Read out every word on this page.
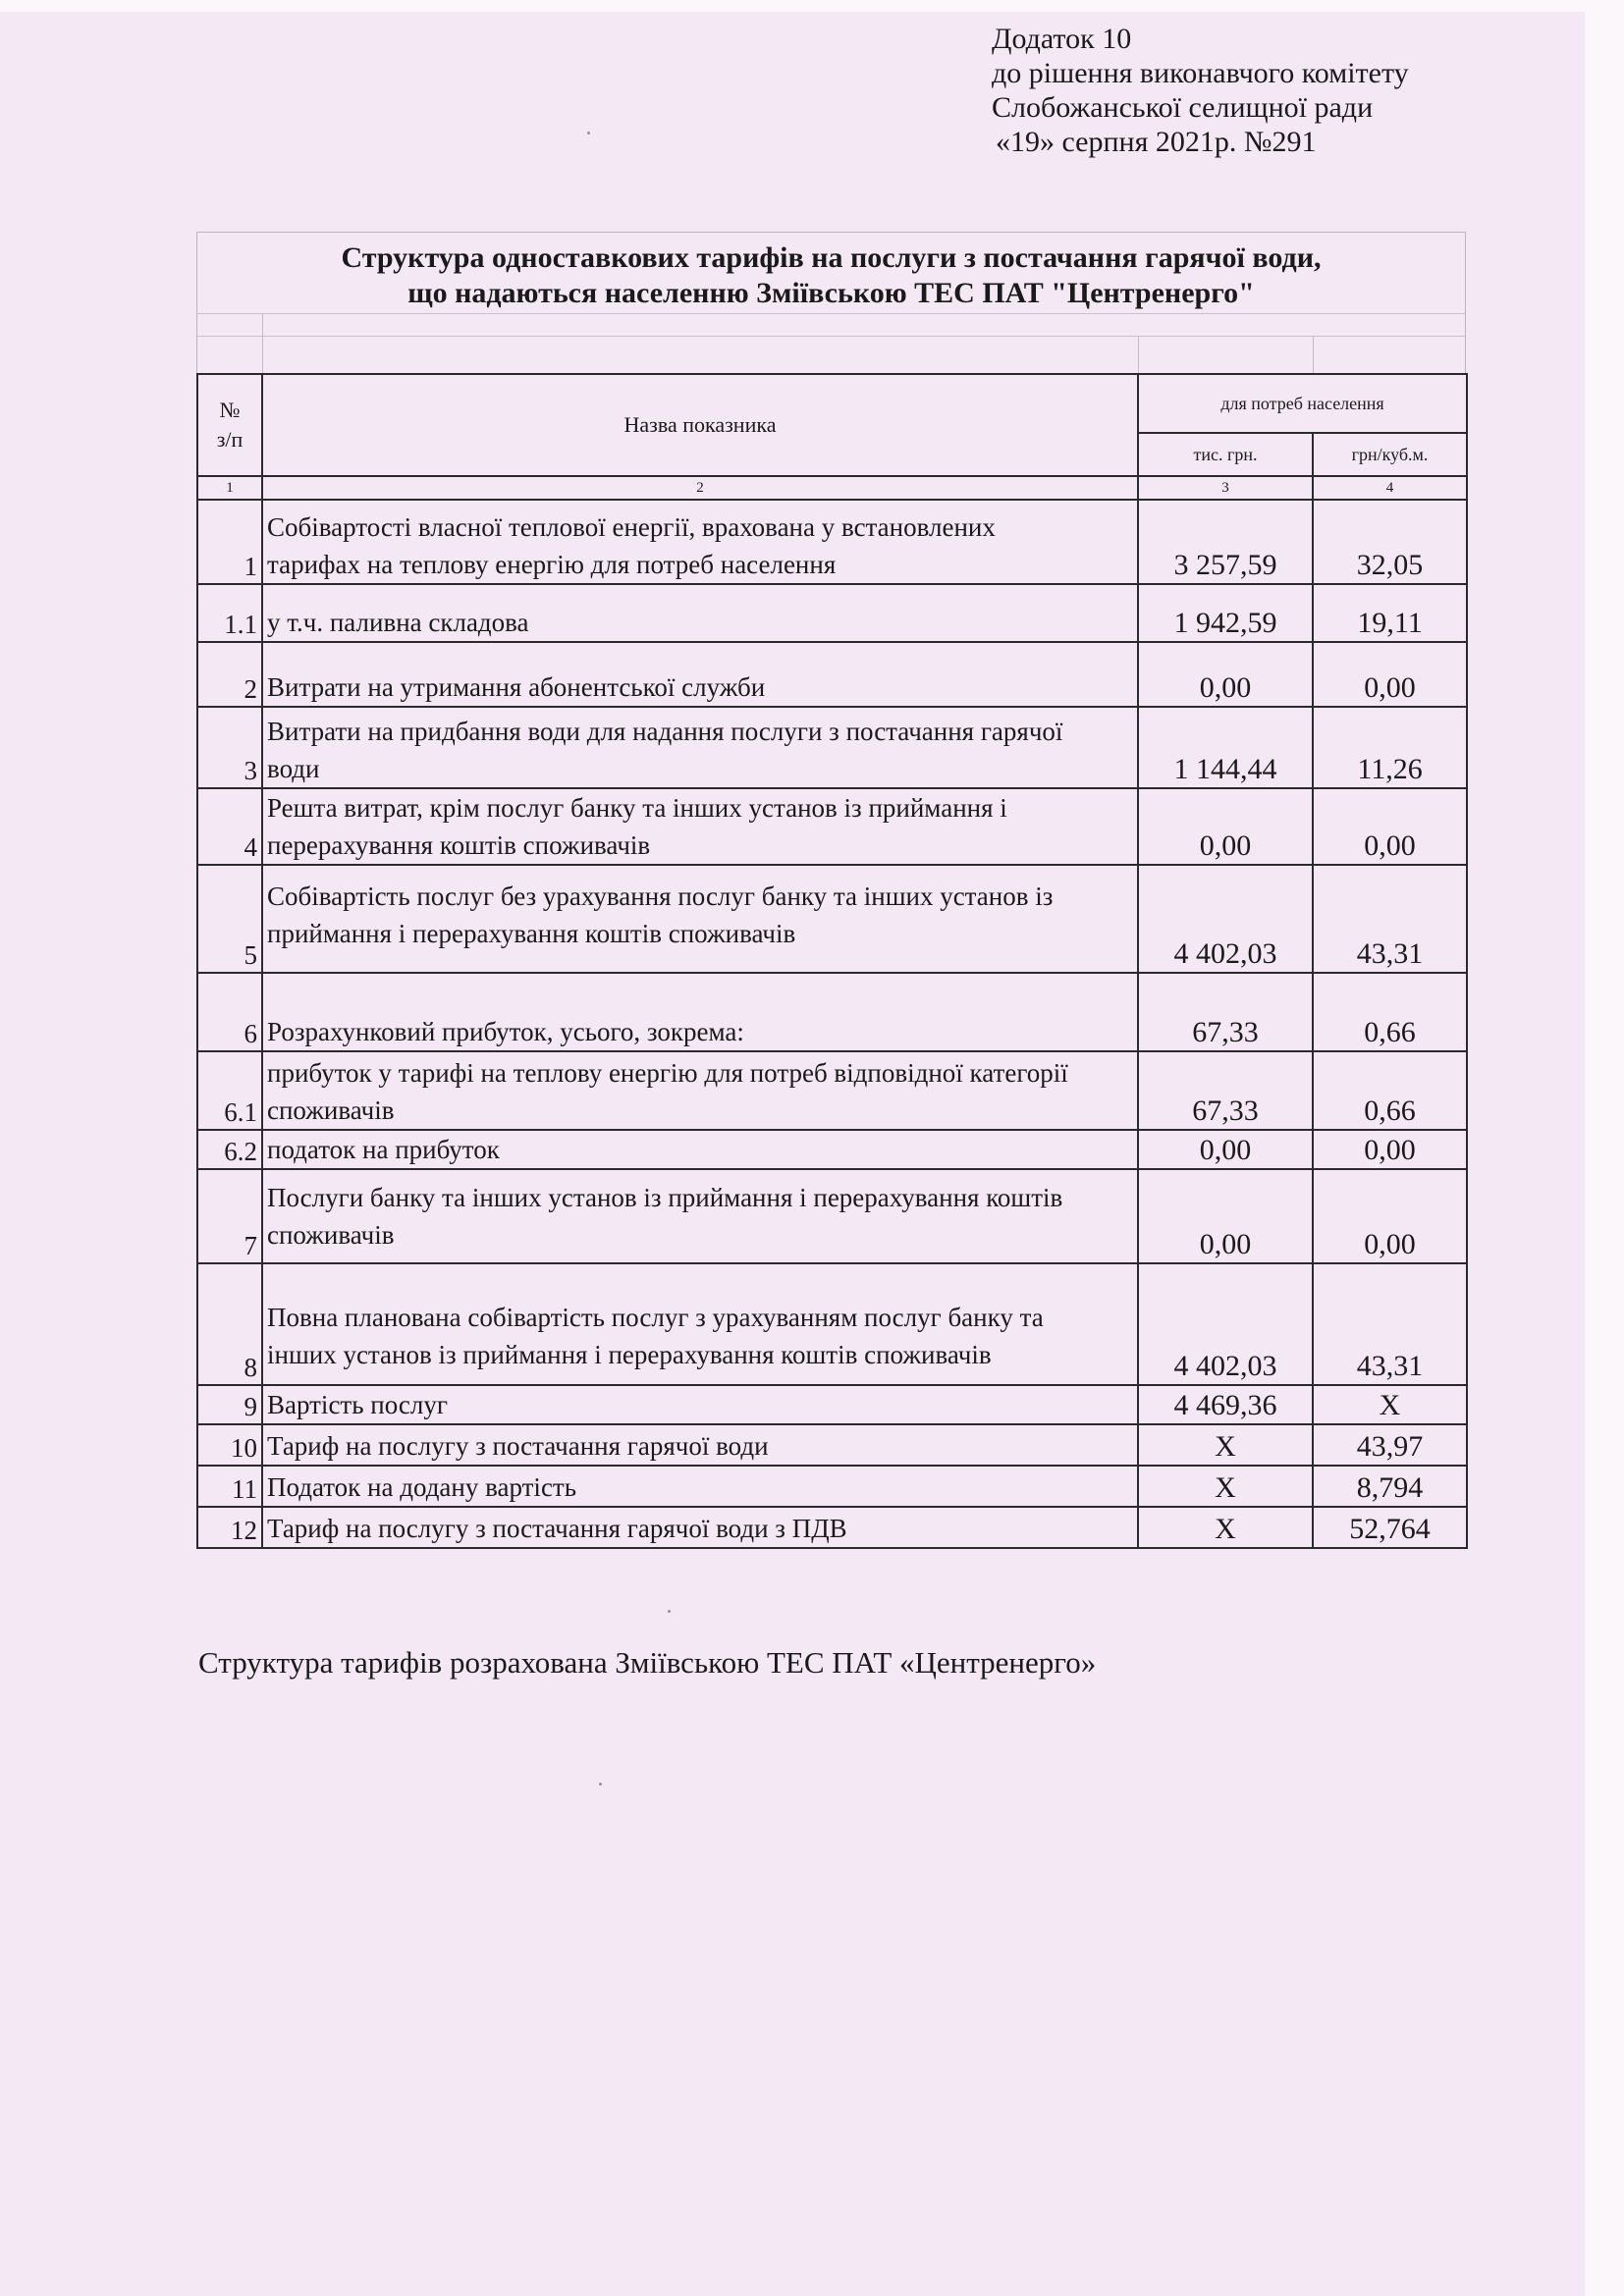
Додаток 10
до рішення виконавчого комітету
Слобожанської селищної ради
«19» серпня 2021р. №291
Структура одноставкових тарифів на послуги з постачання гарячої води,
що надаються населенню Зміївською ТЕС ПАТ "Центренерго"
№
з/п	Назва показника	для потреб населення	
		тис. грн.	грн/куб.м.
1	2	3	4
1	Собівартості власної теплової енергії, врахована у встановлених
тарифах на теплову енергію для потреб населення	3 257,59	32,05
1.1	у т.ч. паливна складова	1 942,59	19,11
2	Витрати на утримання абонентської служби	0,00	0,00
3	Витрати на придбання води для надання послуги з постачання гарячої
води	1 144,44	11,26
4	Решта витрат, крім послуг банку та інших установ із приймання і
перерахування коштів споживачів	0,00	0,00
5	Собівартість послуг без урахування послуг банку та інших установ із
приймання і перерахування коштів споживачів	4 402,03	43,31
6	Розрахунковий прибуток, усього, зокрема:	67,33	0,66
6.1	прибуток у тарифі на теплову енергію для потреб відповідної категорії
споживачів	67,33	0,66
6.2	податок на прибуток	0,00	0,00
7	Послуги банку та інших установ із приймання і перерахування коштів
споживачів	0,00	0,00
8	Повна планована собівартість послуг з урахуванням послуг банку та
інших установ із приймання і перерахування коштів споживачів	4 402,03	43,31
9	Вартість послуг	4 469,36	Х
10	Тариф на послугу з постачання гарячої води	Х	43,97
11	Податок на додану вартість	Х	8,794
12	Тариф на послугу з постачання гарячої води з ПДВ	Х	52,764
Структура тарифів розрахована Зміївською ТЕС ПАТ «Центренерго»
